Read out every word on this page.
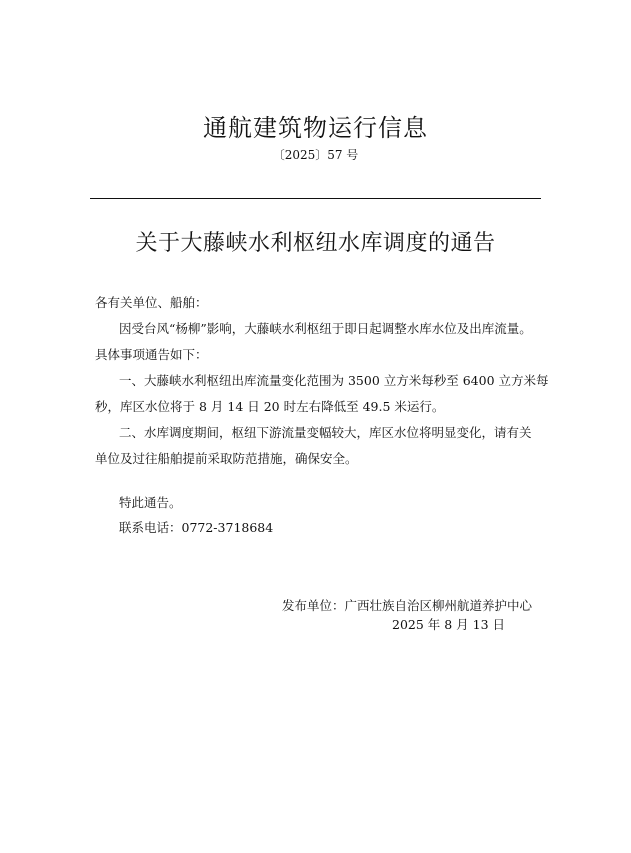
通航建筑物运行信息
〔2025〕57 号
关于大藤峡水利枢纽水库调度的通告
各有关单位、船舶：
因受台风“杨柳”影响，大藤峡水利枢纽于即日起调整水库水位及出库流量。
具体事项通告如下：
一、大藤峡水利枢纽出库流量变化范围为 3500 立方米每秒至 6400 立方米每
秒，库区水位将于 8 月 14 日 20 时左右降低至 49.5 米运行。
二、水库调度期间，枢纽下游流量变幅较大，库区水位将明显变化，请有关
单位及过往船舶提前采取防范措施，确保安全。
特此通告。
联系电话：0772-3718684
发布单位：广西壮族自治区柳州航道养护中心
2025 年 8 月 13 日
